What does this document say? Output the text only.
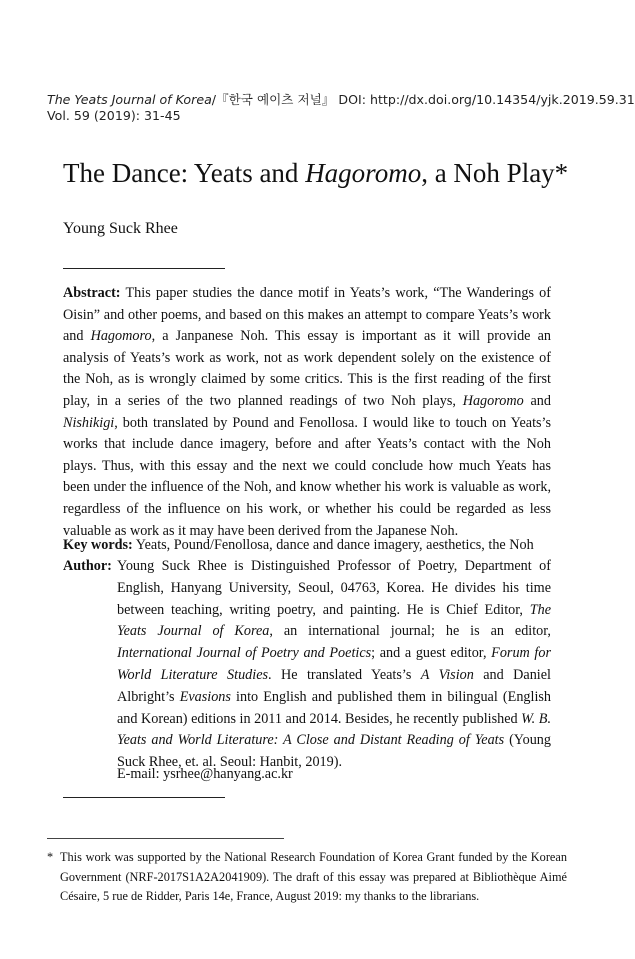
The Yeats Journal of Korea/『한국 예이츠 저널』 DOI: http://dx.doi.org/10.14354/yjk.2019.59.31
Vol. 59 (2019): 31-45
The Dance: Yeats and Hagoromo, a Noh Play*
Young Suck Rhee
Abstract: This paper studies the dance motif in Yeats’s work, “The Wanderings of Oisin” and other poems, and based on this makes an attempt to compare Yeats’s work and Hagomoro, a Janpanese Noh. This essay is important as it will provide an analysis of Yeats’s work as work, not as work dependent solely on the existence of the Noh, as is wrongly claimed by some critics. This is the first reading of the first play, in a series of the two planned readings of two Noh plays, Hagoromo and Nishikigi, both translated by Pound and Fenollosa. I would like to touch on Yeats’s works that include dance imagery, before and after Yeats’s contact with the Noh plays. Thus, with this essay and the next we could conclude how much Yeats has been under the influence of the Noh, and know whether his work is valuable as work, regardless of the influence on his work, or whether his could be regarded as less valuable as work as it may have been derived from the Japanese Noh.
Key words: Yeats, Pound/Fenollosa, dance and dance imagery, aesthetics, the Noh
Author: Young Suck Rhee is Distinguished Professor of Poetry, Department of English, Hanyang University, Seoul, 04763, Korea. He divides his time between teaching, writing poetry, and painting. He is Chief Editor, The Yeats Journal of Korea, an international journal; he is an editor, International Journal of Poetry and Poetics; and a guest editor, Forum for World Literature Studies. He translated Yeats’s A Vision and Daniel Albright’s Evasions into English and published them in bilingual (English and Korean) editions in 2011 and 2014. Besides, he recently published W. B. Yeats and World Literature: A Close and Distant Reading of Yeats (Young Suck Rhee, et. al. Seoul: Hanbit, 2019).
E-mail: ysrhee@hanyang.ac.kr
* This work was supported by the National Research Foundation of Korea Grant funded by the Korean Government (NRF-2017S1A2A2041909). The draft of this essay was prepared at Bibliothèque Aimé Césaire, 5 rue de Ridder, Paris 14e, France, August 2019: my thanks to the librarians.
